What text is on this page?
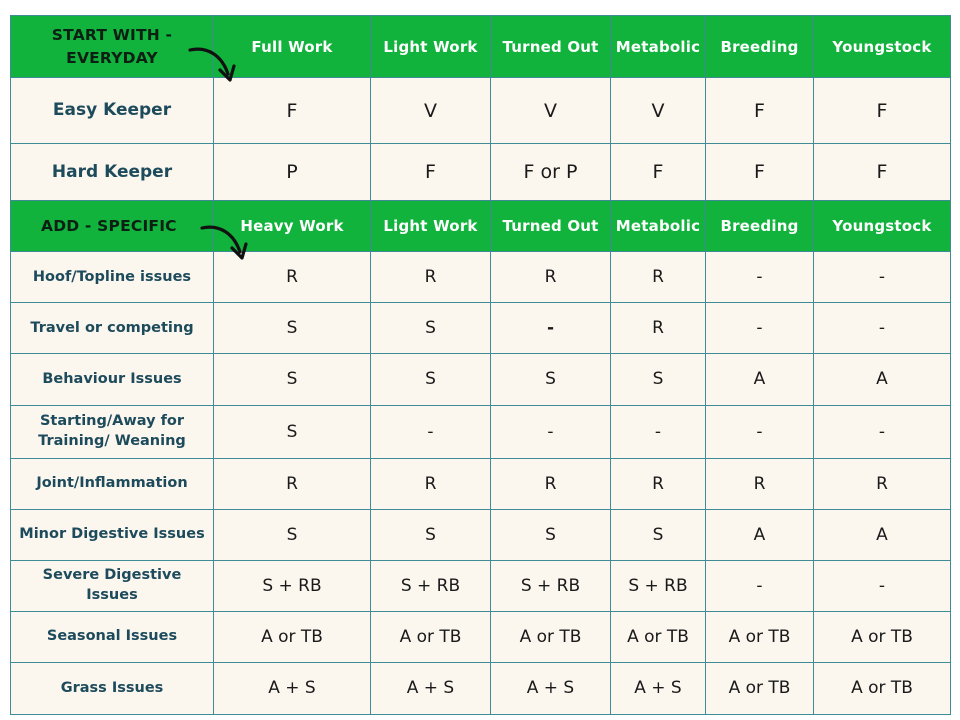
START WITH -
EVERYDAY	Full Work	Light Work	Turned Out	Metabolic	Breeding	Youngstock
Easy Keeper	F	V	V	V	F	F
Hard Keeper	P	F	F or P	F	F	F
ADD - SPECIFIC	Heavy Work	Light Work	Turned Out	Metabolic	Breeding	Youngstock
Hoof/Topline issues	R	R	R	R	-	-
Travel or competing	S	S	-	R	-	-
Behaviour Issues	S	S	S	S	A	A
Starting/Away for
Training/ Weaning	S	-	-	-	-	-
Joint/Inflammation	R	R	R	R	R	R
Minor Digestive Issues	S	S	S	S	A	A
Severe Digestive Issues	S + RB	S + RB	S + RB	S + RB	-	-
Seasonal Issues	A or TB	A or TB	A or TB	A or TB	A or TB	A or TB
Grass Issues	A + S	A + S	A + S	A + S	A or TB	A or TB
